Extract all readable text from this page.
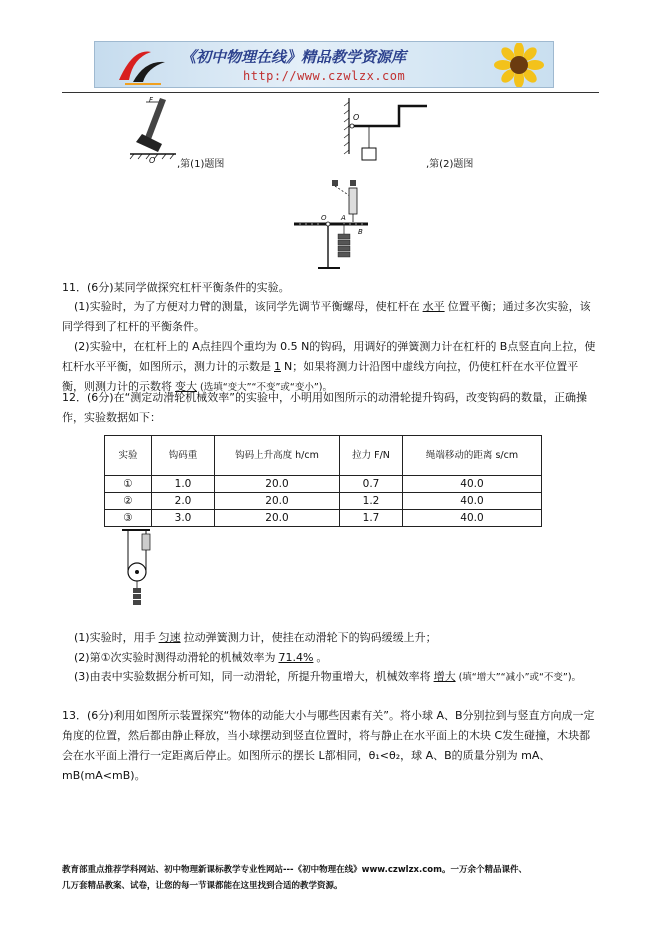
《初中物理在线》精品教学资源库
http://www.czwlzx.com
F
O ,第(1)题图
O
,第(2)题图
O A
B
11．(6分)某同学做探究杠杆平衡条件的实验。
(1)实验时，为了方便对力臂的测量，该同学先调节平衡螺母，使杠杆在 水平 位置平衡；通过多次实验，该同学得到了杠杆的平衡条件。
(2)实验中，在杠杆上的 A点挂四个重均为 0.5 N的钩码，用调好的弹簧测力计在杠杆的 B点竖直向上拉，使杠杆水平平衡，如图所示，测力计的示数是 1 N；如果将测力计沿图中虚线方向拉，仍使杠杆在水平位置平衡，则测力计的示数将 变大 (选填“变大”“不变”或“变小”)。
12．(6分)在“测定动滑轮机械效率”的实验中，小明用如图所示的动滑轮提升钩码，改变钩码的数量，正确操作，实验数据如下：
实验	钩码重	钩码上升高度 h/cm	拉力 F/N	绳端移动的距离 s/cm
①	1.0	20.0	0.7	40.0
②	2.0	20.0	1.2	40.0
③	3.0	20.0	1.7	40.0
(1)实验时，用手 匀速 拉动弹簧测力计，使挂在动滑轮下的钩码缓缓上升；
(2)第①次实验时测得动滑轮的机械效率为 71.4% 。
(3)由表中实验数据分析可知，同一动滑轮，所提升物重增大，机械效率将 增大 (填“增大”“减小”或“不变”)。
13．(6分)利用如图所示装置探究“物体的动能大小与哪些因素有关”。将小球 A、B分别拉到与竖直方向成一定角度的位置，然后都由静止释放，当小球摆动到竖直位置时，将与静止在水平面上的木块 C发生碰撞，木块都会在水平面上滑行一定距离后停止。如图所示的摆长 L都相同，θ₁<θ₂，球 A、B的质量分别为 mA、mB(mA<mB)。
教育部重点推荐学科网站、初中物理新课标教学专业性网站---《初中物理在线》www.czwlzx.com。一万余个精品课件、
几万套精品教案、试卷，让您的每一节课都能在这里找到合适的教学资源。
